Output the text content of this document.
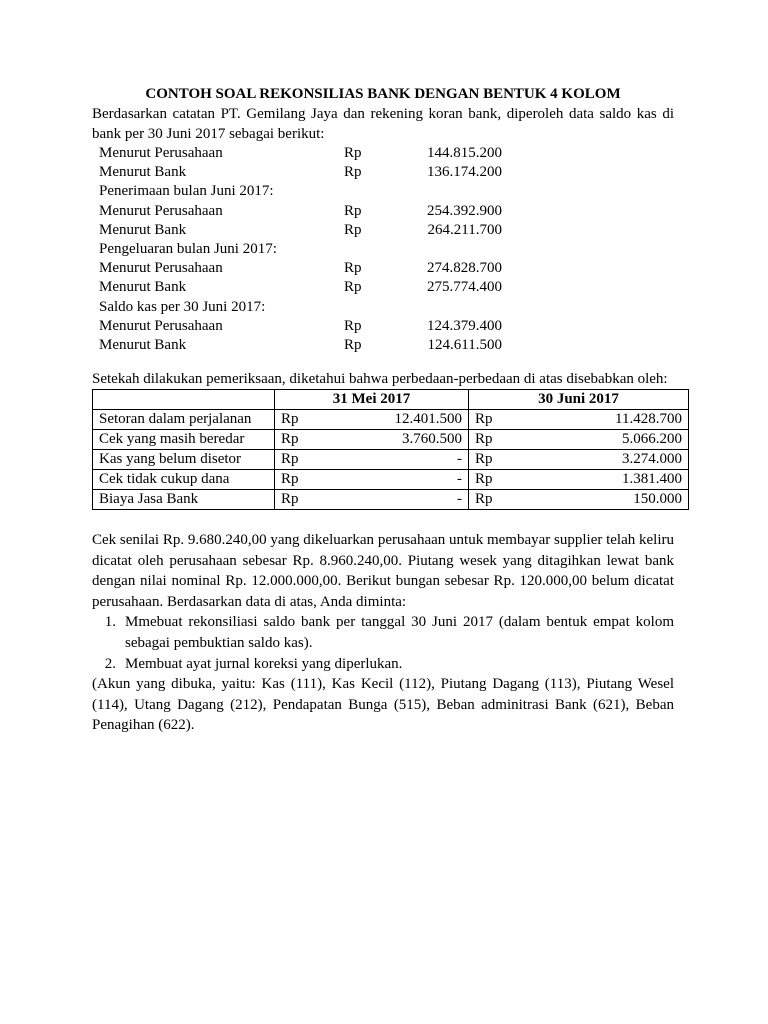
CONTOH SOAL REKONSILIAS BANK DENGAN BENTUK 4 KOLOM
Berdasarkan catatan PT. Gemilang Jaya dan rekening koran bank, diperoleh data saldo kas di bank per 30 Juni 2017 sebagai berikut:
Menurut Perusahaan	Rp	144.815.200
Menurut Bank	Rp	136.174.200
Penerimaan bulan Juni 2017:
Menurut Perusahaan	Rp	254.392.900
Menurut Bank	Rp	264.211.700
Pengeluaran bulan Juni 2017:
Menurut Perusahaan	Rp	274.828.700
Menurut Bank	Rp	275.774.400
Saldo kas per 30 Juni 2017:
Menurut Perusahaan	Rp	124.379.400
Menurut Bank	Rp	124.611.500
Setekah dilakukan pemeriksaan, diketahui bahwa perbedaan-perbedaan di atas disebabkan oleh:
	31 Mei 2017	30 Juni 2017
Setoran dalam perjalanan	Rp 12.401.500	Rp 11.428.700

Cek yang masih beredar	Rp 3.760.500	Rp 5.066.200

Kas yang belum disetor	Rp -	Rp 3.274.000

Cek tidak cukup dana	Rp -	Rp 1.381.400

Biaya Jasa Bank	Rp -	Rp 150.000
Cek senilai Rp. 9.680.240,00 yang dikeluarkan perusahaan untuk membayar supplier telah keliru dicatat oleh perusahaan sebesar Rp. 8.960.240,00. Piutang wesek yang ditagihkan lewat bank dengan nilai nominal Rp. 12.000.000,00. Berikut bungan sebesar Rp. 120.000,00 belum dicatat perusahaan. Berdasarkan data di atas, Anda diminta:
1. Mmebuat rekonsiliasi saldo bank per tanggal 30 Juni 2017 (dalam bentuk empat kolom sebagai pembuktian saldo kas).
2. Membuat ayat jurnal koreksi yang diperlukan.
(Akun yang dibuka, yaitu: Kas (111), Kas Kecil (112), Piutang Dagang (113), Piutang Wesel (114), Utang Dagang (212), Pendapatan Bunga (515), Beban adminitrasi Bank (621), Beban Penagihan (622).
